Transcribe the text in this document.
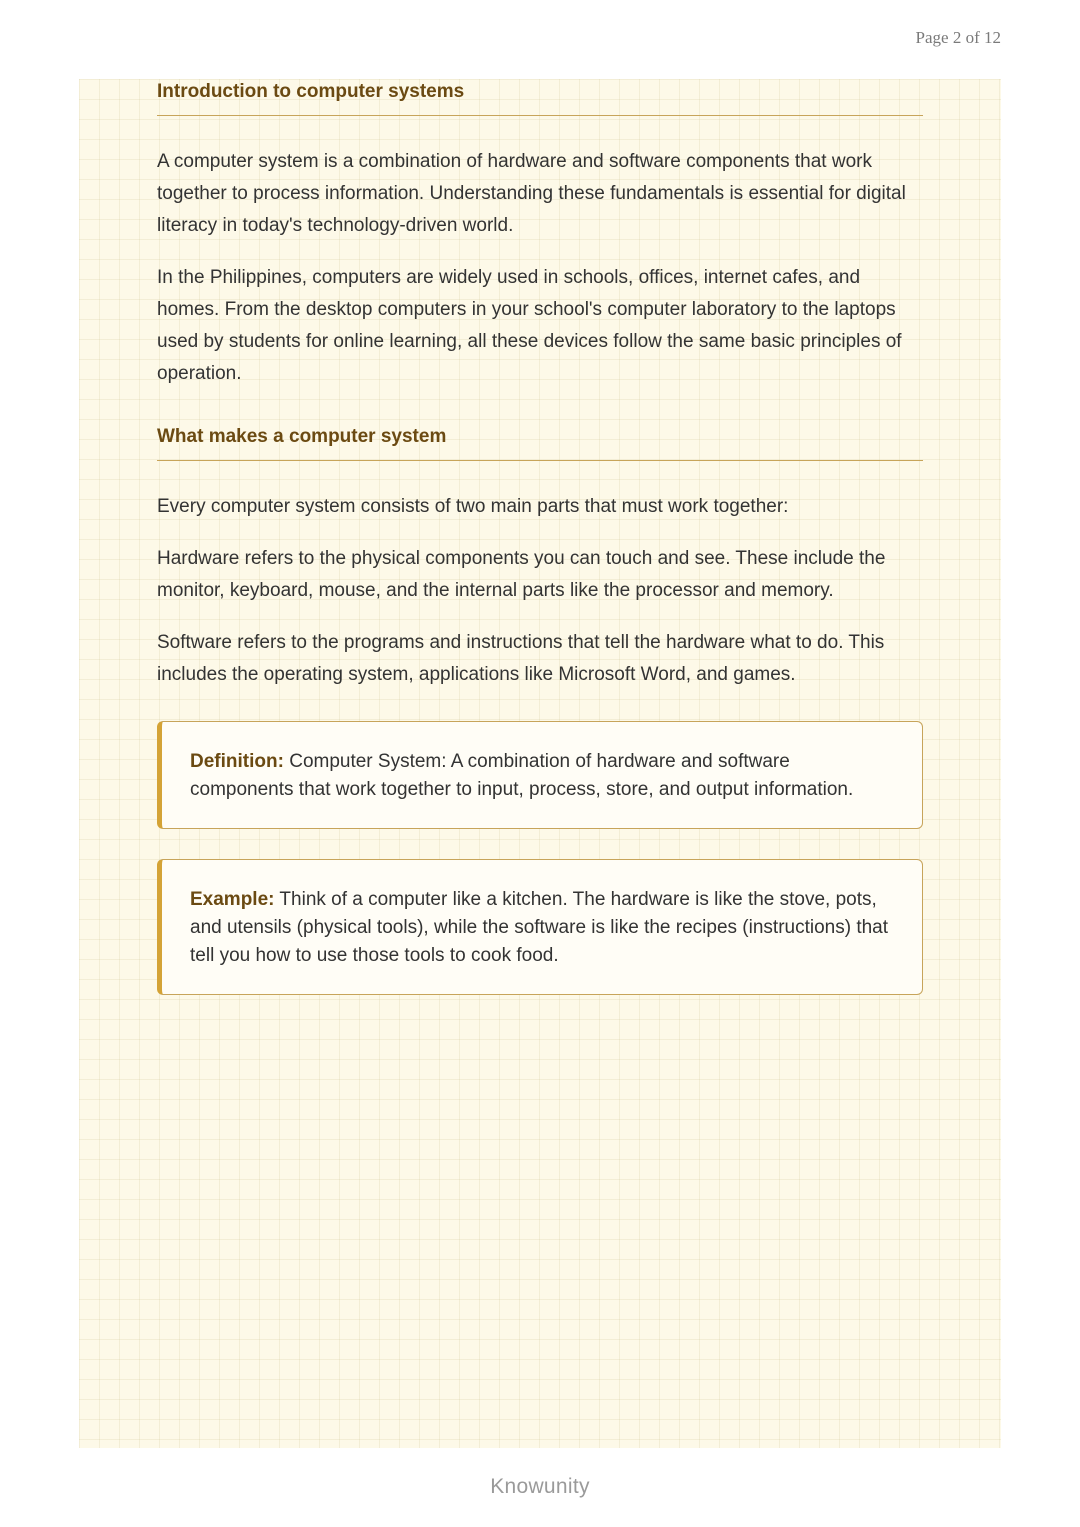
Page 2 of 12
Introduction to computer systems

A computer system is a combination of hardware and software components that work together to process information. Understanding these fundamentals is essential for digital literacy in today's technology-driven world.

In the Philippines, computers are widely used in schools, offices, internet cafes, and homes. From the desktop computers in your school's computer laboratory to the laptops used by students for online learning, all these devices follow the same basic principles of operation.

What makes a computer system

Every computer system consists of two main parts that must work together:

Hardware refers to the physical components you can touch and see. These include the monitor, keyboard, mouse, and the internal parts like the processor and memory.

Software refers to the programs and instructions that tell the hardware what to do. This includes the operating system, applications like Microsoft Word, and games.

Definition: Computer System: A combination of hardware and software components that work together to input, process, store, and output information.
Example: Think of a computer like a kitchen. The hardware is like the stove, pots, and utensils (physical tools), while the software is like the recipes (instructions) that tell you how to use those tools to cook food.
Knowunity
